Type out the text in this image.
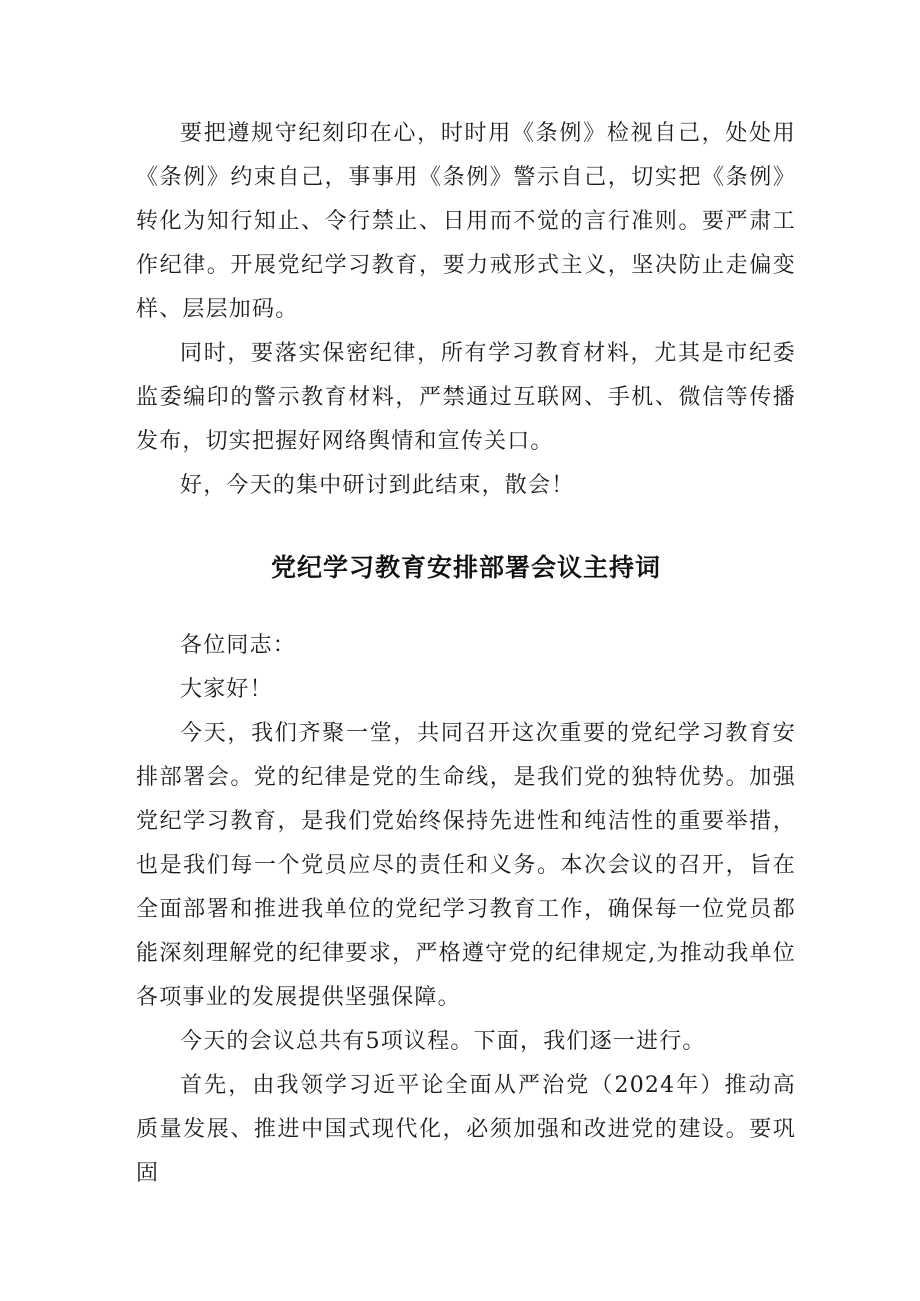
要把遵规守纪刻印在心，时时用《条例》检视自己，处处用《条例》约束自己，事事用《条例》警示自己，切实把《条例》转化为知行知止、令行禁止、日用而不觉的言行准则。要严肃工作纪律。开展党纪学习教育，要力戒形式主义，坚决防止走偏变样、层层加码。

同时，要落实保密纪律，所有学习教育材料，尤其是市纪委监委编印的警示教育材料，严禁通过互联网、手机、微信等传播发布，切实把握好网络舆情和宣传关口。

好，今天的集中研讨到此结束，散会！

党纪学习教育安排部署会议主持词

各位同志：

大家好！

今天，我们齐聚一堂，共同召开这次重要的党纪学习教育安排部署会。党的纪律是党的生命线，是我们党的独特优势。加强党纪学习教育，是我们党始终保持先进性和纯洁性的重要举措，也是我们每一个党员应尽的责任和义务。本次会议的召开，旨在全面部署和推进我单位的党纪学习教育工作，确保每一位党员都能深刻理解党的纪律要求，严格遵守党的纪律规定,为推动我单位各项事业的发展提供坚强保障。

今天的会议总共有5项议程。下面，我们逐一进行。

首先，由我领学习近平论全面从严治党（2024年）推动高质量发展、推进中国式现代化，必须加强和改进党的建设。要巩固
